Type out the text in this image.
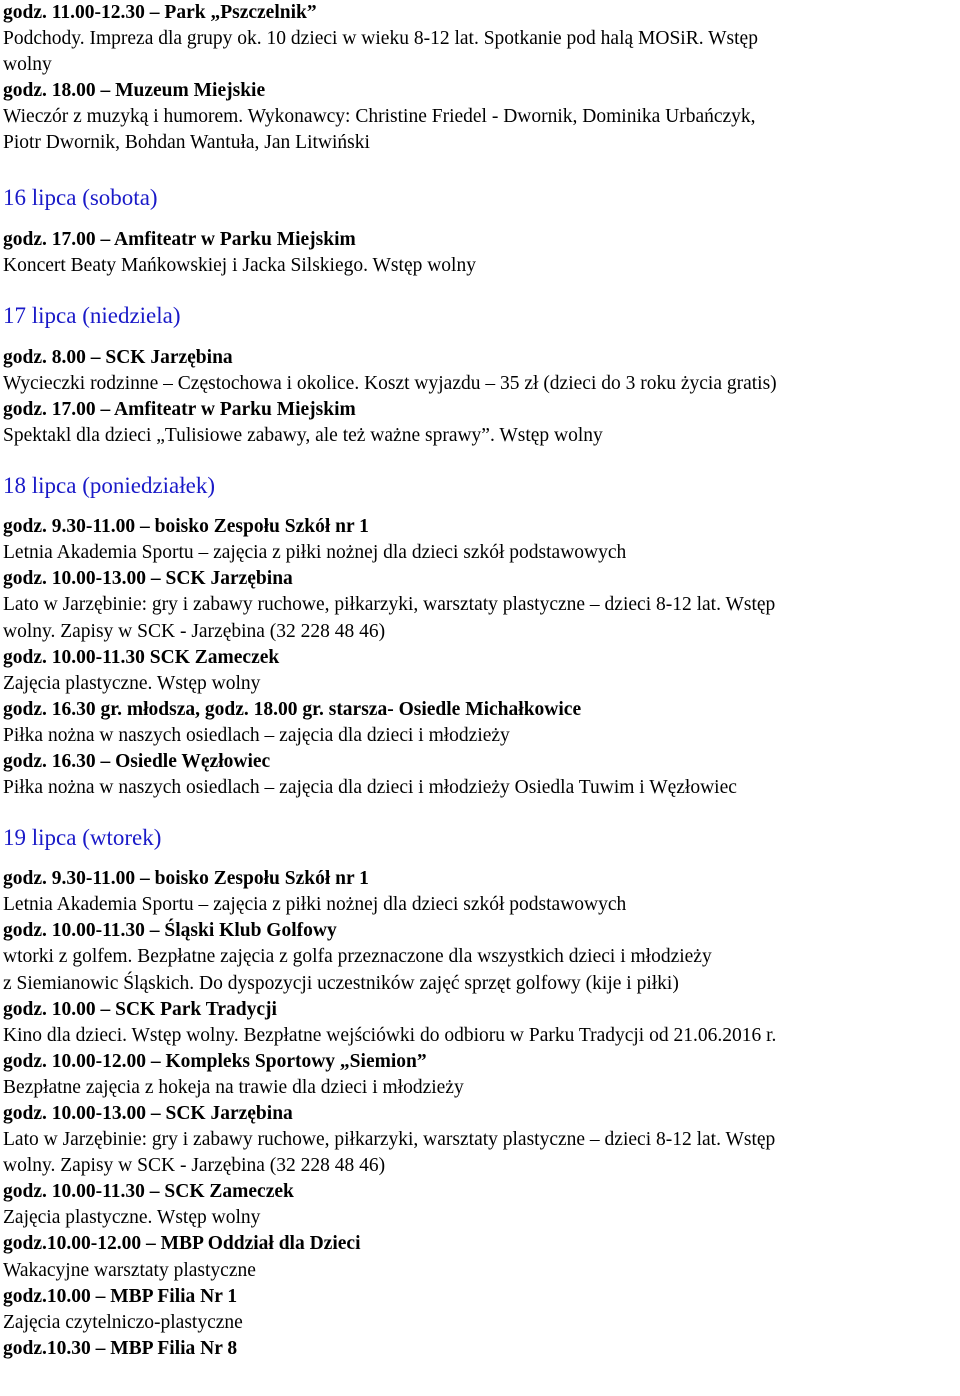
godz. 11.00-12.30 – Park „Pszczelnik”
Podchody. Impreza dla grupy ok. 10 dzieci w wieku 8-12 lat. Spotkanie pod halą MOSiR. Wstęp
wolny
godz. 18.00 – Muzeum Miejskie
Wieczór z muzyką i humorem. Wykonawcy: Christine Friedel - Dwornik, Dominika Urbańczyk,
Piotr Dwornik, Bohdan Wantuła, Jan Litwiński
16 lipca (sobota)
godz. 17.00 – Amfiteatr w Parku Miejskim
Koncert Beaty Mańkowskiej i Jacka Silskiego. Wstęp wolny
17 lipca (niedziela)
godz. 8.00 – SCK Jarzębina
Wycieczki rodzinne – Częstochowa i okolice. Koszt wyjazdu – 35 zł (dzieci do 3 roku życia gratis)
godz. 17.00 – Amfiteatr w Parku Miejskim
Spektakl dla dzieci „Tulisiowe zabawy, ale też ważne sprawy”. Wstęp wolny
18 lipca (poniedziałek)
godz. 9.30-11.00 – boisko Zespołu Szkół nr 1
Letnia Akademia Sportu – zajęcia z piłki nożnej dla dzieci szkół podstawowych
godz. 10.00-13.00 – SCK Jarzębina
Lato w Jarzębinie: gry i zabawy ruchowe, piłkarzyki, warsztaty plastyczne – dzieci 8-12 lat. Wstęp
wolny. Zapisy w SCK - Jarzębina (32 228 48 46)
godz. 10.00-11.30 SCK Zameczek
Zajęcia plastyczne. Wstęp wolny
godz. 16.30 gr. młodsza, godz. 18.00 gr. starsza- Osiedle Michałkowice
Piłka nożna w naszych osiedlach – zajęcia dla dzieci i młodzieży
godz. 16.30 – Osiedle Węzłowiec
Piłka nożna w naszych osiedlach – zajęcia dla dzieci i młodzieży Osiedla Tuwim i Węzłowiec
19 lipca (wtorek)
godz. 9.30-11.00 – boisko Zespołu Szkół nr 1
Letnia Akademia Sportu – zajęcia z piłki nożnej dla dzieci szkół podstawowych
godz. 10.00-11.30 – Śląski Klub Golfowy
wtorki z golfem. Bezpłatne zajęcia z golfa przeznaczone dla wszystkich dzieci i młodzieży
z Siemianowic Śląskich. Do dyspozycji uczestników zajęć sprzęt golfowy (kije i piłki)
godz. 10.00 – SCK Park Tradycji
Kino dla dzieci. Wstęp wolny. Bezpłatne wejściówki do odbioru w Parku Tradycji od 21.06.2016 r.
godz. 10.00-12.00 – Kompleks Sportowy „Siemion”
Bezpłatne zajęcia z hokeja na trawie dla dzieci i młodzieży
godz. 10.00-13.00 – SCK Jarzębina
Lato w Jarzębinie: gry i zabawy ruchowe, piłkarzyki, warsztaty plastyczne – dzieci 8-12 lat. Wstęp
wolny. Zapisy w SCK - Jarzębina (32 228 48 46)
godz. 10.00-11.30 – SCK Zameczek
Zajęcia plastyczne. Wstęp wolny
godz.10.00-12.00 – MBP Oddział dla Dzieci
Wakacyjne warsztaty plastyczne
godz.10.00 – MBP Filia Nr 1
Zajęcia czytelniczo-plastyczne
godz.10.30 – MBP Filia Nr 8
